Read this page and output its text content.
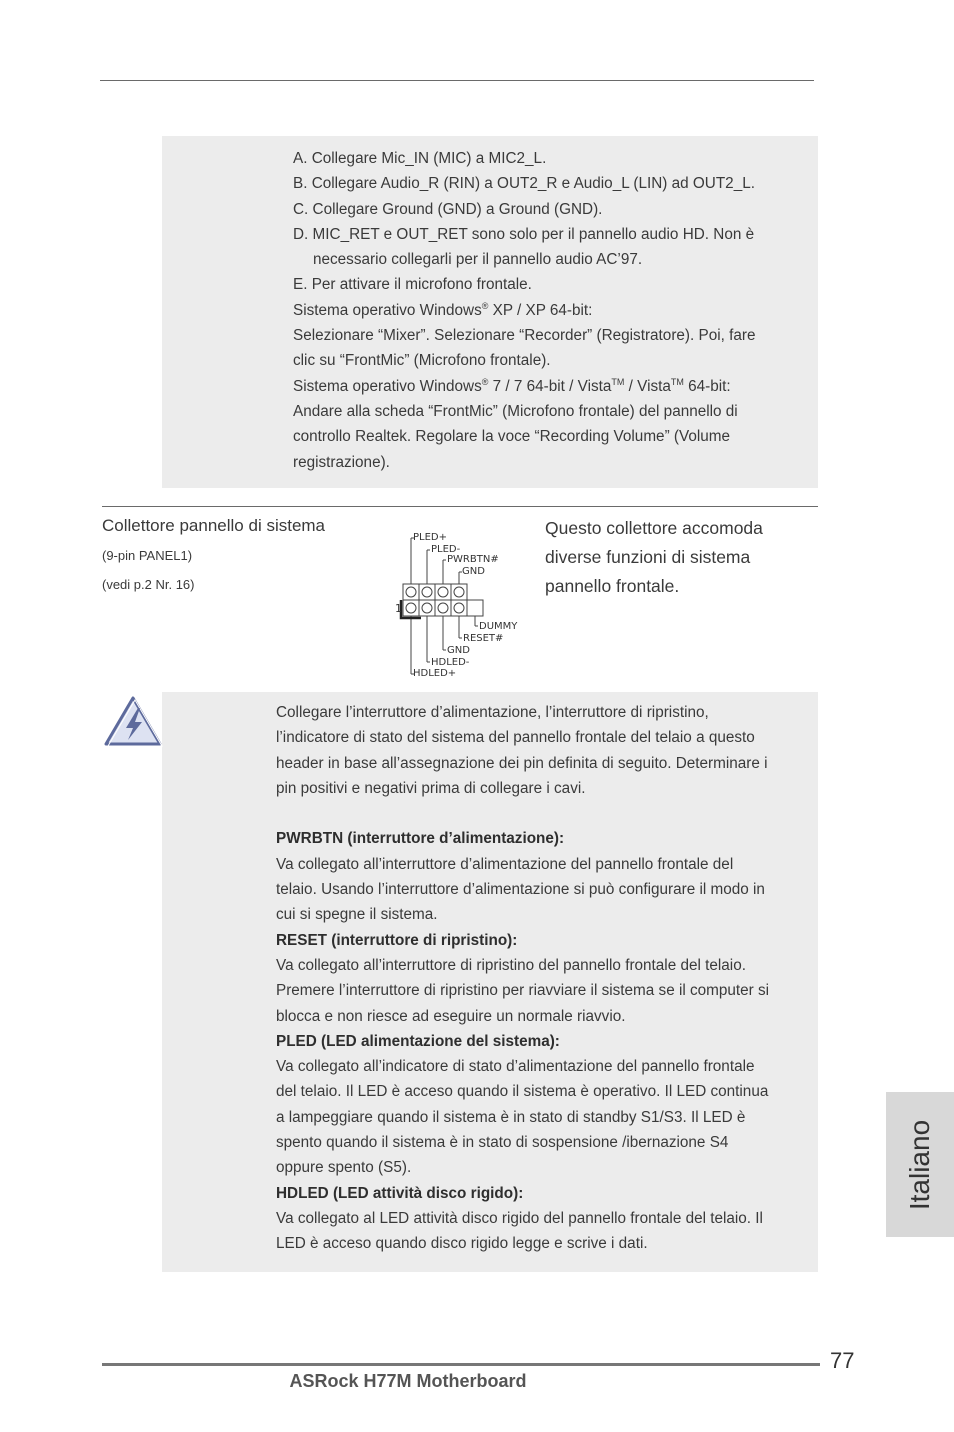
A. Collegare Mic_IN (MIC) a MIC2_L.
B. Collegare Audio_R (RIN) a OUT2_R e Audio_L (LIN) ad OUT2_L.
C. Collegare Ground (GND) a Ground (GND).
D. MIC_RET e OUT_RET sono solo per il pannello audio HD. Non è
necessario collegarli per il pannello audio AC’97.
E. Per attivare il microfono frontale.
Sistema operativo Windows® XP / XP 64-bit:
Selezionare “Mixer”. Selezionare “Recorder” (Registratore). Poi, fare
clic su “FrontMic” (Microfono frontale).
Sistema operativo Windows® 7 / 7 64-bit / Vista™ / Vista™ 64-bit:
Andare alla scheda “FrontMic” (Microfono frontale) del pannello di
controllo Realtek. Regolare la voce “Recording Volume” (Volume
registrazione).
Collettore pannello di sistema
(9-pin PANEL1)
(vedi p.2 Nr. 16)
Questo collettore accomoda diverse funzioni di sistema pannello frontale.
PLED+
PLED-
PWRBTN#
GND
DUMMY
RESET#
GND
HDLED-
HDLED+
1
Collegare l’interruttore d’alimentazione, l’interruttore di ripristino,
l’indicatore di stato del sistema del pannello frontale del telaio a questo
header in base all’assegnazione dei pin definita di seguito. Determinare i
pin positivi e negativi prima di collegare i cavi.
PWRBTN (interruttore d’alimentazione):
Va collegato all’interruttore d’alimentazione del pannello frontale del
telaio. Usando l’interruttore d’alimentazione si può configurare il modo in
cui si spegne il sistema.
RESET (interruttore di ripristino):
Va collegato all’interruttore di ripristino del pannello frontale del telaio.
Premere l’interruttore di ripristino per riavviare il sistema se il computer si
blocca e non riesce ad eseguire un normale riavvio.
PLED (LED alimentazione del sistema):
Va collegato all’indicatore di stato d’alimentazione del pannello frontale
del telaio. Il LED è acceso quando il sistema è operativo. Il LED continua
a lampeggiare quando il sistema è in stato di standby S1/S3. Il LED è
spento quando il sistema è in stato di sospensione /ibernazione S4
oppure spento (S5).
HDLED (LED attività disco rigido):
Va collegato al LED attività disco rigido del pannello frontale del telaio. Il
LED è acceso quando disco rigido legge e scrive i dati.
Italiano
77
ASRock H77M Motherboard
